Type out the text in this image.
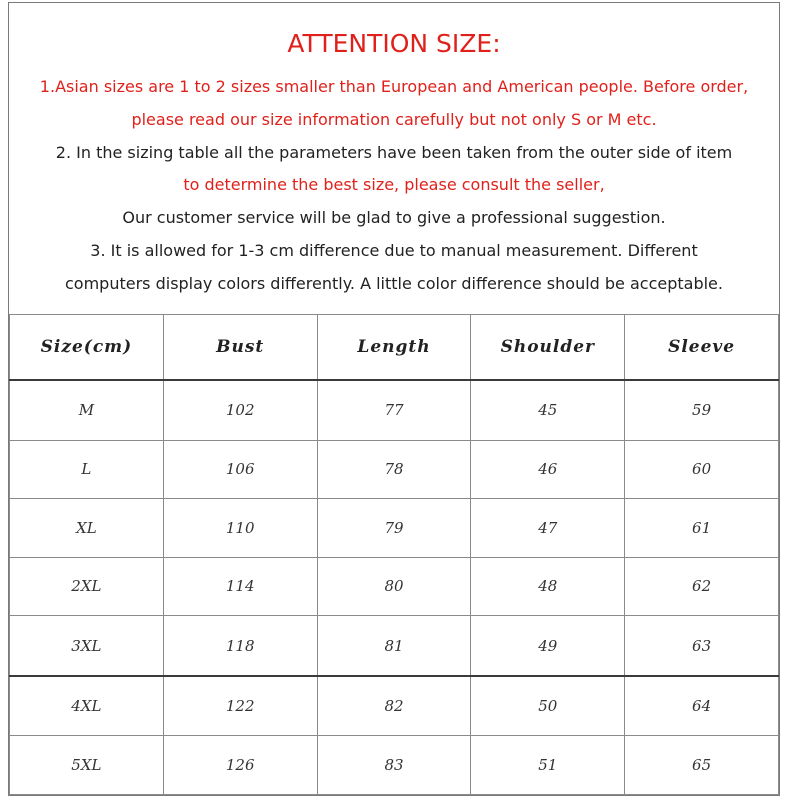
ATTENTION SIZE:
1.Asian sizes are 1 to 2 sizes smaller than European and American people. Before order,
please read our size information carefully but not only S or M etc.
2. In the sizing table all the parameters have been taken from the outer side of item
to determine the best size, please consult the seller,
Our customer service will be glad to give a professional suggestion.
3. It is allowed for 1-3 cm difference due to manual measurement. Different
computers display colors differently. A little color difference should be acceptable.
Size(cm)	Bust	Length	Shoulder	Sleeve
M	102	77	45	59
L	106	78	46	60
XL	110	79	47	61
2XL	114	80	48	62
3XL	118	81	49	63
4XL	122	82	50	64
5XL	126	83	51	65
